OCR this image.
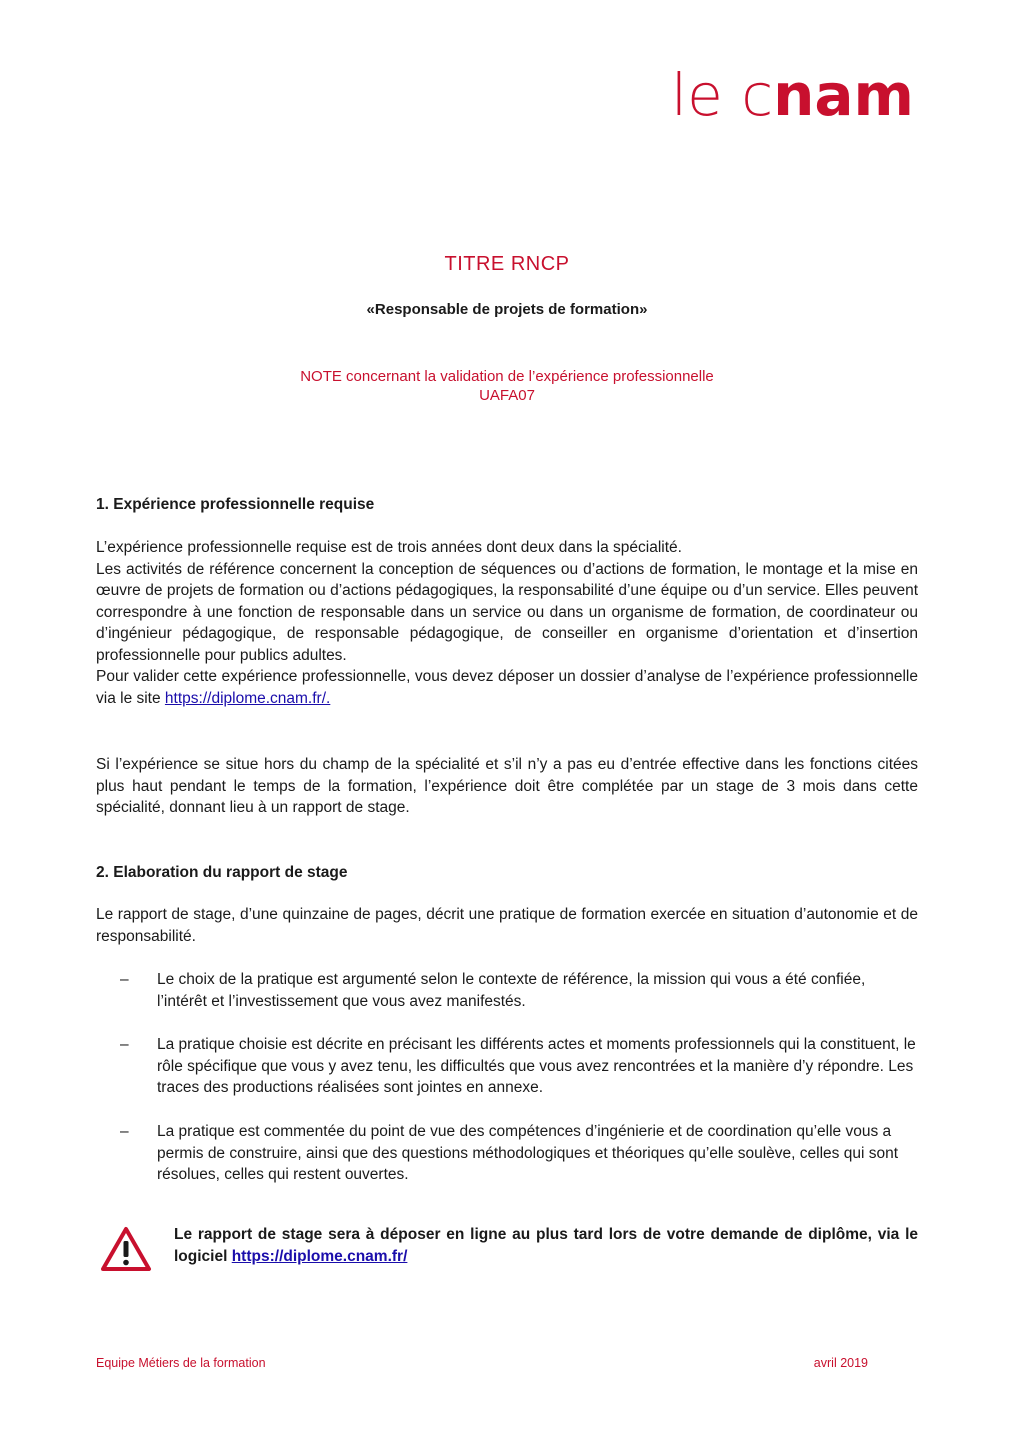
le cnam
TITRE RNCP
«Responsable de projets de formation»
NOTE concernant la validation de l’expérience professionnelle
UAFA07

1. Expérience professionnelle requise

L’expérience professionnelle requise est de trois années dont deux dans la spécialité.

Les activités de référence concernent la conception de séquences ou d’actions de formation, le montage et la mise en œuvre de projets de formation ou d’actions pédagogiques, la responsabilité d’une équipe ou d’un service. Elles peuvent correspondre à une fonction de responsable dans un service ou dans un organisme de formation, de coordinateur ou d’ingénieur pédagogique, de responsable pédagogique, de conseiller en organisme d’orientation et d’insertion professionnelle pour publics adultes.

Pour valider cette expérience professionnelle, vous devez déposer un dossier d’analyse de l’expérience professionnelle via le site https://diplome.cnam.fr/.

Si l’expérience se situe hors du champ de la spécialité et s’il n’y a pas eu d’entrée effective dans les fonctions citées plus haut pendant le temps de la formation, l’expérience doit être complétée par un stage de 3 mois dans cette spécialité, donnant lieu à un rapport de stage.

2. Elaboration du rapport de stage

Le rapport de stage, d’une quinzaine de pages, décrit une pratique de formation exercée en situation d’autonomie et de responsabilité.

–	Le choix de la pratique est argumenté selon le contexte de référence, la mission qui vous a été confiée, l’intérêt et l’investissement que vous avez manifestés.

–	La pratique choisie est décrite en précisant les différents actes et moments professionnels qui la constituent, le rôle spécifique que vous y avez tenu, les difficultés que vous avez rencontrées et la manière d’y répondre. Les traces des productions réalisées sont jointes en annexe.

–	La pratique est commentée du point de vue des compétences d’ingénierie et de coordination qu’elle vous a permis de construire, ainsi que des questions méthodologiques et théoriques qu’elle soulève, celles qui sont résolues, celles qui restent ouvertes.

Le rapport de stage sera à déposer en ligne au plus tard lors de votre demande de diplôme, via le logiciel https://diplome.cnam.fr/
Equipe Métiers de la formation	avril 2019
